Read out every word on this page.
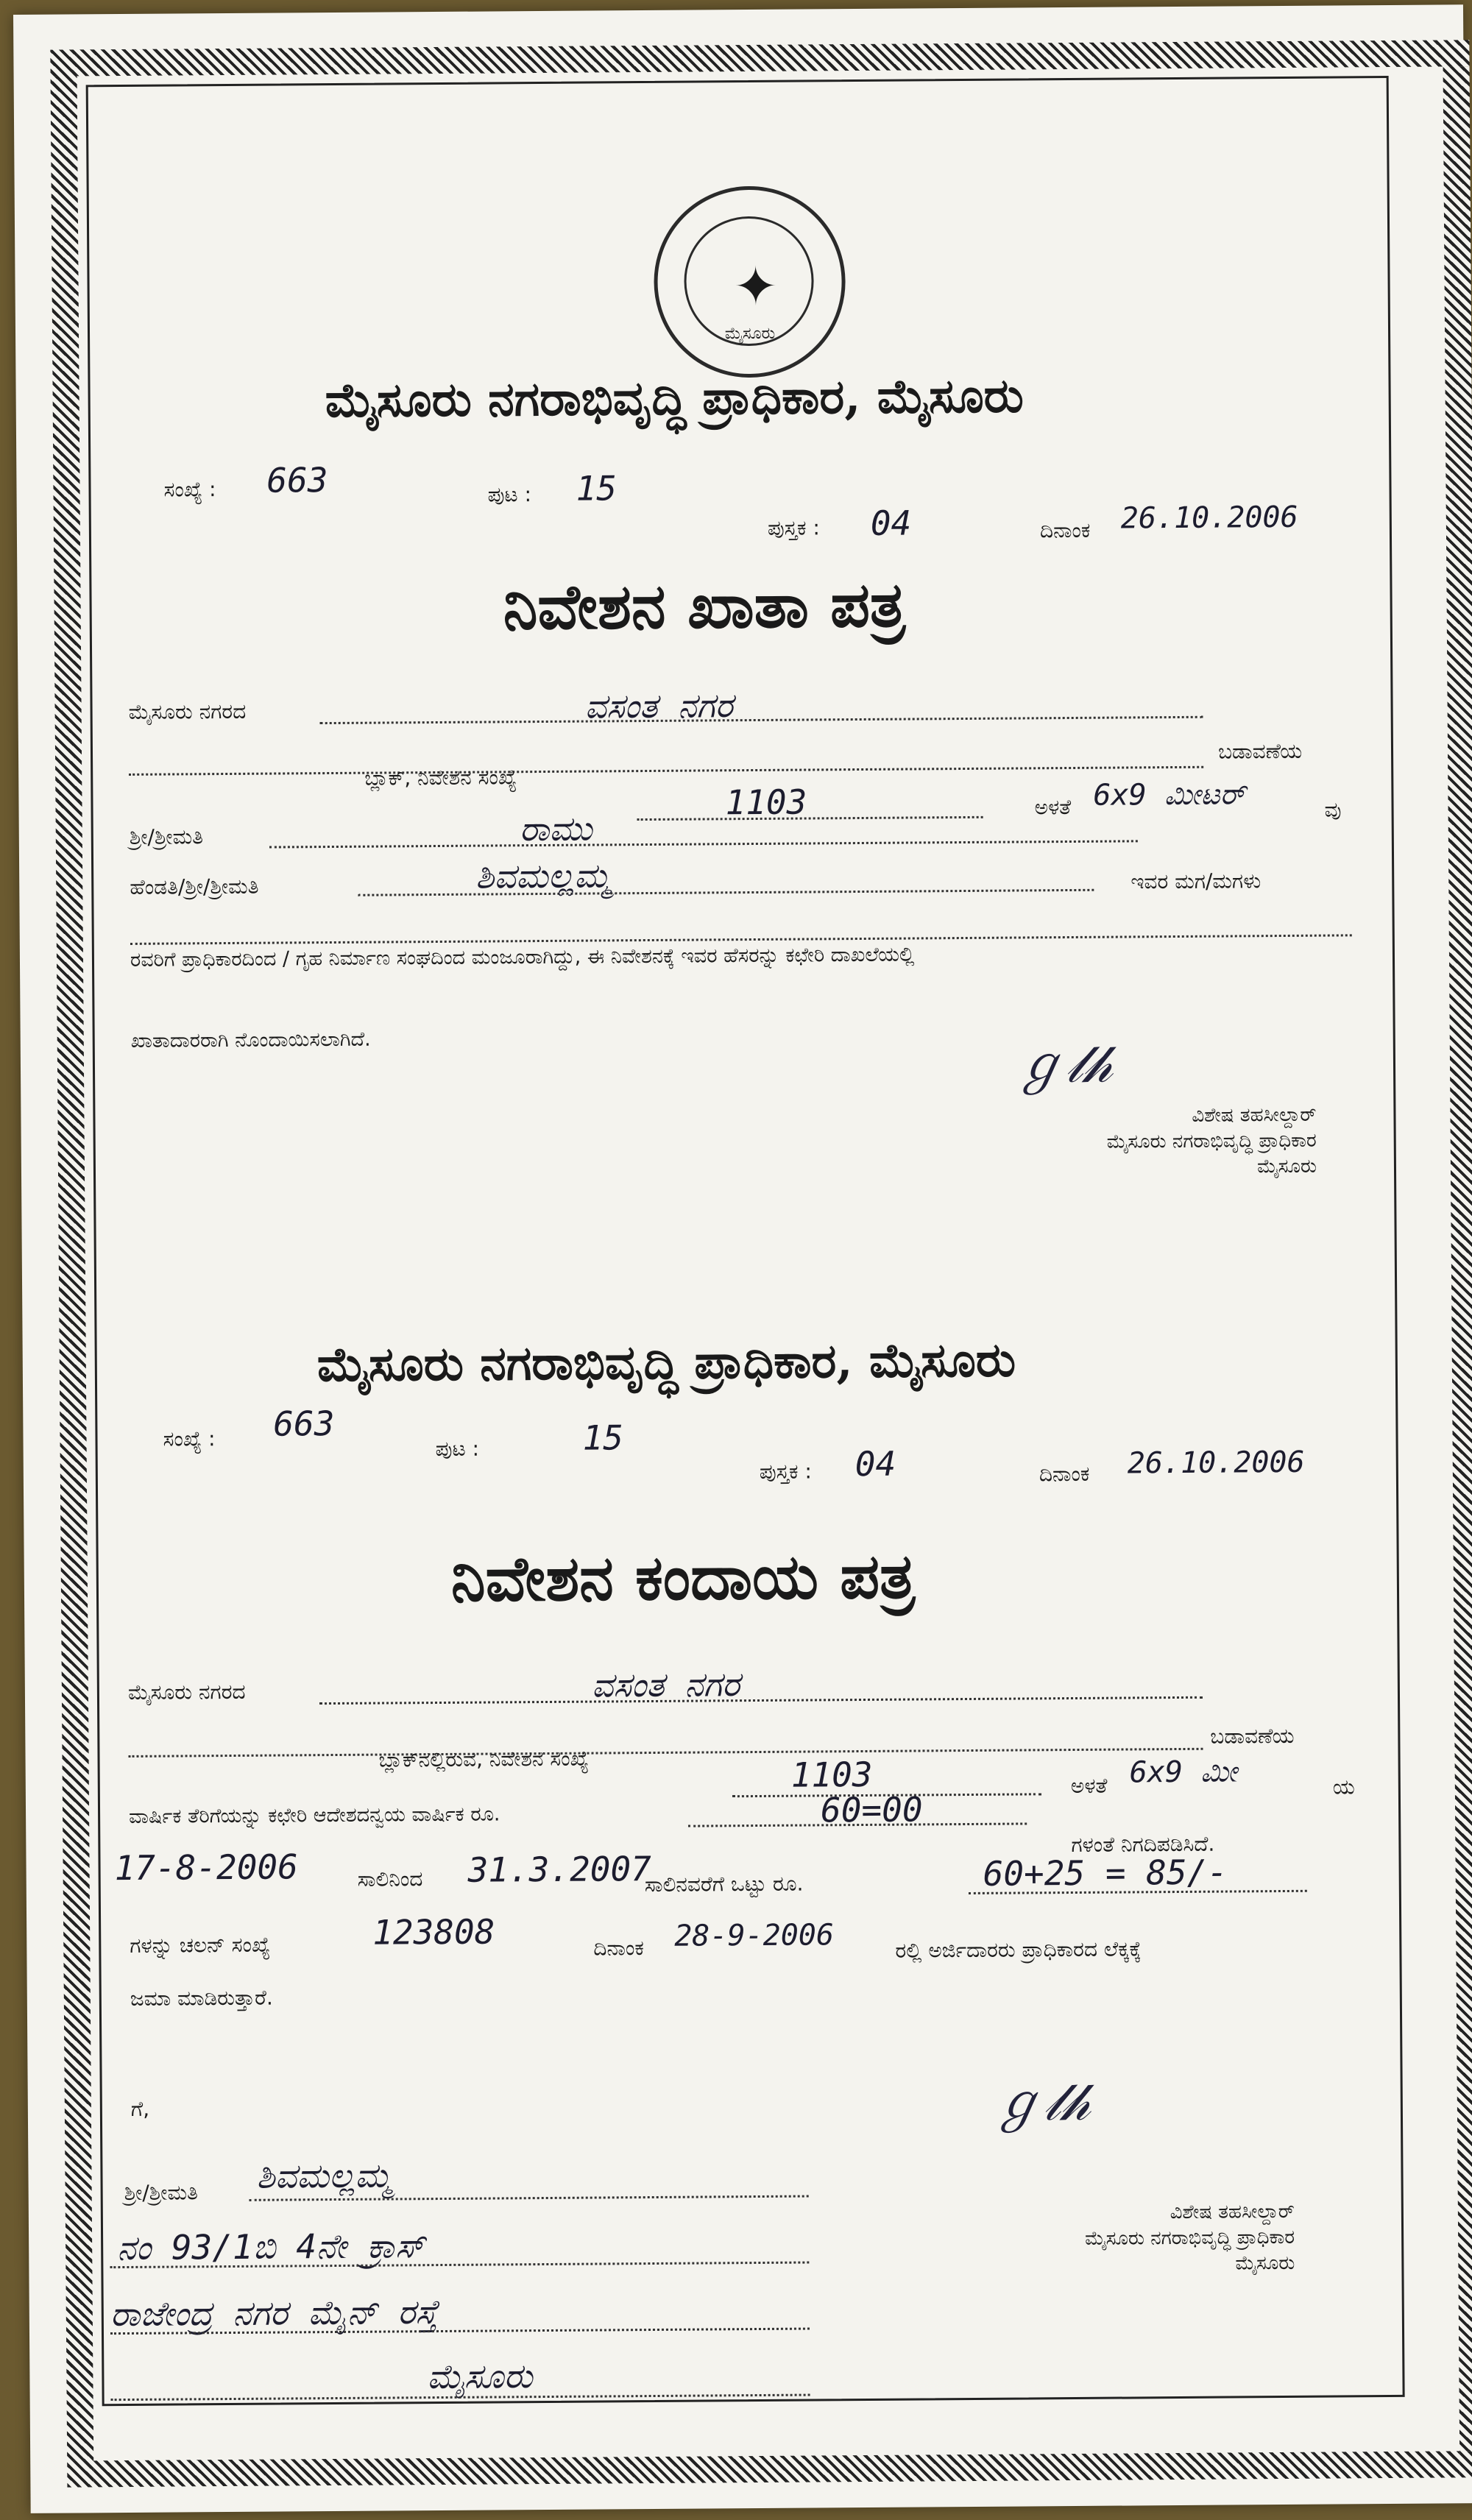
✦
ಮೈಸೂರು
ಮೈಸೂರು ನಗರಾಭಿವೃದ್ಧಿ ಪ್ರಾಧಿಕಾರ, ಮೈಸೂರು
ಸಂಖ್ಯೆ : 663	ಪುಟ : 15
ಪುಸ್ತಕ : 04	ದಿನಾಂಕ 26.10.2006
ನಿವೇಶನ ಖಾತಾ ಪತ್ರ
ಮೈಸೂರು ನಗರದ	ವಸಂತ ನಗರ
ಬಡಾವಣೆಯ
ಬ್ಲಾಕ್, ನಿವೇಶನ ಸಂಖ್ಯೆ
1103	ಅಳತೆ 6x9 ಮೀಟರ್	ವು
ಶ್ರೀ/ಶ್ರೀಮತಿ	ರಾಮು
ಹೆಂಡತಿ/ಶ್ರೀ/ಶ್ರೀಮತಿ	ಶಿವಮಲ್ಲಮ್ಮ	ಇವರ ಮಗ/ಮಗಳು
ರವರಿಗೆ ಪ್ರಾಧಿಕಾರದಿಂದ / ಗೃಹ ನಿರ್ಮಾಣ ಸಂಘದಿಂದ ಮಂಜೂರಾಗಿದ್ದು, ಈ ನಿವೇಶನಕ್ಕೆ ಇವರ ಹೆಸರನ್ನು ಕಛೇರಿ ದಾಖಲೆಯಲ್ಲಿ
ಖಾತಾದಾರರಾಗಿ ನೊಂದಾಯಿಸಲಾಗಿದೆ.	ℊ𝓁𝒽
ವಿಶೇಷ ತಹಸೀಲ್ದಾರ್
ಮೈಸೂರು ನಗರಾಭಿವೃದ್ಧಿ ಪ್ರಾಧಿಕಾರ
ಮೈಸೂರು
ಮೈಸೂರು ನಗರಾಭಿವೃದ್ಧಿ ಪ್ರಾಧಿಕಾರ, ಮೈಸೂರು
ಸಂಖ್ಯೆ : 663
ಪುಟ :	15
ಪುಸ್ತಕ : 04	ದಿನಾಂಕ 26.10.2006
ನಿವೇಶನ ಕಂದಾಯ ಪತ್ರ
ಮೈಸೂರು ನಗರದ	ವಸಂತ ನಗರ
ಬಡಾವಣೆಯ
ಬ್ಲಾಕ್‌ನಲ್ಲಿರುವ, ನಿವೇಶನ ಸಂಖ್ಯೆ	1103	ಅಳತೆ 6x9 ಮೀ	ಯ
ವಾರ್ಷಿಕ ತೆರಿಗೆಯನ್ನು ಕಛೇರಿ ಆದೇಶದನ್ವಯ ವಾರ್ಷಿಕ ರೂ.	60=00
ಗಳಂತೆ ನಿಗದಿಪಡಿಸಿದೆ.
17-8-2006	ಸಾಲಿನಿಂದ 31.3.2007
ಸಾಲಿನವರೆಗೆ ಒಟ್ಟು ರೂ.	60+25 = 85/-
ಗಳನ್ನು ಚಲನ್ ಸಂಖ್ಯೆ	123808	ದಿನಾಂಕ 28-9-2006	ರಲ್ಲಿ ಅರ್ಜಿದಾರರು ಪ್ರಾಧಿಕಾರದ ಲೆಕ್ಕಕ್ಕೆ
ಜಮಾ ಮಾಡಿರುತ್ತಾರೆ.
ಗೆ,
ಶ್ರೀ/ಶ್ರೀಮತಿ ಶಿವಮಲ್ಲಮ್ಮ
ನಂ 93/1ಬಿ 4ನೇ ಕ್ರಾಸ್
ರಾಜೇಂದ್ರ ನಗರ ಮೈನ್ ರಸ್ತೆ
ಮೈಸೂರು
ℊ𝓁𝒽
ವಿಶೇಷ ತಹಸೀಲ್ದಾರ್
ಮೈಸೂರು ನಗರಾಭಿವೃದ್ಧಿ ಪ್ರಾಧಿಕಾರ
ಮೈಸೂರು
